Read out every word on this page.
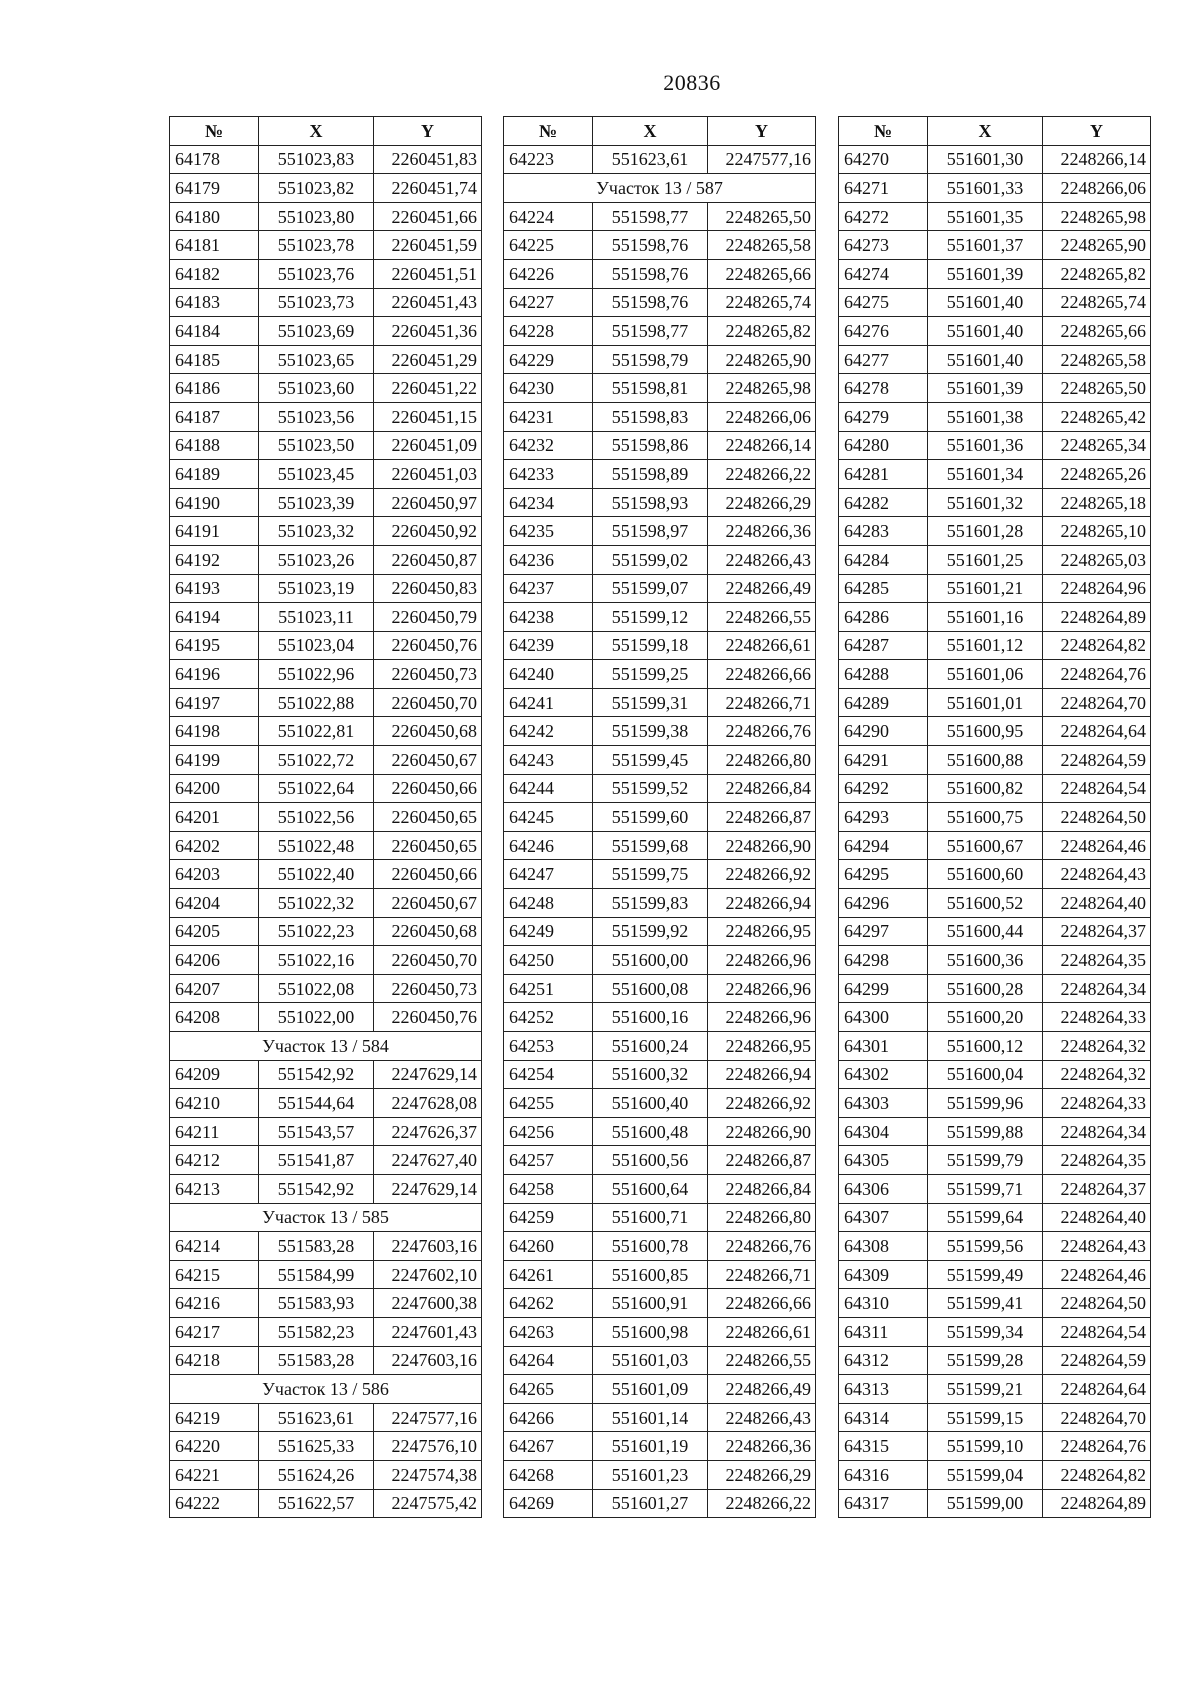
20836
№	X	Y
64178	551023,83	2260451,83
64179	551023,82	2260451,74
64180	551023,80	2260451,66
64181	551023,78	2260451,59
64182	551023,76	2260451,51
64183	551023,73	2260451,43
64184	551023,69	2260451,36
64185	551023,65	2260451,29
64186	551023,60	2260451,22
64187	551023,56	2260451,15
64188	551023,50	2260451,09
64189	551023,45	2260451,03
64190	551023,39	2260450,97
64191	551023,32	2260450,92
64192	551023,26	2260450,87
64193	551023,19	2260450,83
64194	551023,11	2260450,79
64195	551023,04	2260450,76
64196	551022,96	2260450,73
64197	551022,88	2260450,70
64198	551022,81	2260450,68
64199	551022,72	2260450,67
64200	551022,64	2260450,66
64201	551022,56	2260450,65
64202	551022,48	2260450,65
64203	551022,40	2260450,66
64204	551022,32	2260450,67
64205	551022,23	2260450,68
64206	551022,16	2260450,70
64207	551022,08	2260450,73
64208	551022,00	2260450,76
Участок 13 / 584		
64209	551542,92	2247629,14
64210	551544,64	2247628,08
64211	551543,57	2247626,37
64212	551541,87	2247627,40
64213	551542,92	2247629,14
Участок 13 / 585		
64214	551583,28	2247603,16
64215	551584,99	2247602,10
64216	551583,93	2247600,38
64217	551582,23	2247601,43
64218	551583,28	2247603,16
Участок 13 / 586		
64219	551623,61	2247577,16
64220	551625,33	2247576,10
64221	551624,26	2247574,38
64222	551622,57	2247575,42
№	X	Y
64223	551623,61	2247577,16
Участок 13 / 587		
64224	551598,77	2248265,50
64225	551598,76	2248265,58
64226	551598,76	2248265,66
64227	551598,76	2248265,74
64228	551598,77	2248265,82
64229	551598,79	2248265,90
64230	551598,81	2248265,98
64231	551598,83	2248266,06
64232	551598,86	2248266,14
64233	551598,89	2248266,22
64234	551598,93	2248266,29
64235	551598,97	2248266,36
64236	551599,02	2248266,43
64237	551599,07	2248266,49
64238	551599,12	2248266,55
64239	551599,18	2248266,61
64240	551599,25	2248266,66
64241	551599,31	2248266,71
64242	551599,38	2248266,76
64243	551599,45	2248266,80
64244	551599,52	2248266,84
64245	551599,60	2248266,87
64246	551599,68	2248266,90
64247	551599,75	2248266,92
64248	551599,83	2248266,94
64249	551599,92	2248266,95
64250	551600,00	2248266,96
64251	551600,08	2248266,96
64252	551600,16	2248266,96
64253	551600,24	2248266,95
64254	551600,32	2248266,94
64255	551600,40	2248266,92
64256	551600,48	2248266,90
64257	551600,56	2248266,87
64258	551600,64	2248266,84
64259	551600,71	2248266,80
64260	551600,78	2248266,76
64261	551600,85	2248266,71
64262	551600,91	2248266,66
64263	551600,98	2248266,61
64264	551601,03	2248266,55
64265	551601,09	2248266,49
64266	551601,14	2248266,43
64267	551601,19	2248266,36
64268	551601,23	2248266,29
64269	551601,27	2248266,22
№	X	Y
64270	551601,30	2248266,14
64271	551601,33	2248266,06
64272	551601,35	2248265,98
64273	551601,37	2248265,90
64274	551601,39	2248265,82
64275	551601,40	2248265,74
64276	551601,40	2248265,66
64277	551601,40	2248265,58
64278	551601,39	2248265,50
64279	551601,38	2248265,42
64280	551601,36	2248265,34
64281	551601,34	2248265,26
64282	551601,32	2248265,18
64283	551601,28	2248265,10
64284	551601,25	2248265,03
64285	551601,21	2248264,96
64286	551601,16	2248264,89
64287	551601,12	2248264,82
64288	551601,06	2248264,76
64289	551601,01	2248264,70
64290	551600,95	2248264,64
64291	551600,88	2248264,59
64292	551600,82	2248264,54
64293	551600,75	2248264,50
64294	551600,67	2248264,46
64295	551600,60	2248264,43
64296	551600,52	2248264,40
64297	551600,44	2248264,37
64298	551600,36	2248264,35
64299	551600,28	2248264,34
64300	551600,20	2248264,33
64301	551600,12	2248264,32
64302	551600,04	2248264,32
64303	551599,96	2248264,33
64304	551599,88	2248264,34
64305	551599,79	2248264,35
64306	551599,71	2248264,37
64307	551599,64	2248264,40
64308	551599,56	2248264,43
64309	551599,49	2248264,46
64310	551599,41	2248264,50
64311	551599,34	2248264,54
64312	551599,28	2248264,59
64313	551599,21	2248264,64
64314	551599,15	2248264,70
64315	551599,10	2248264,76
64316	551599,04	2248264,82
64317	551599,00	2248264,89
